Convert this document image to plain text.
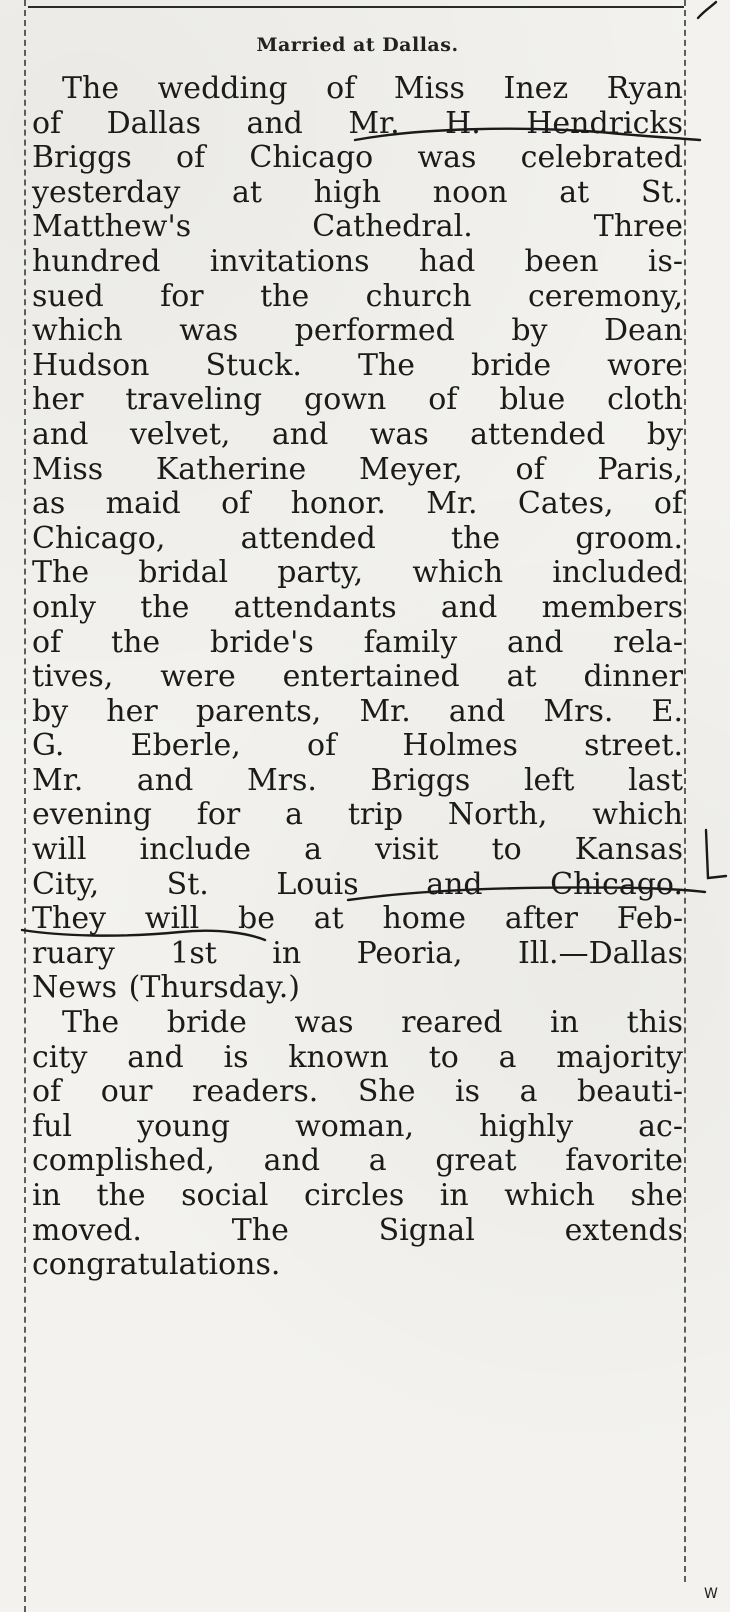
Married at Dallas.

The wedding of Miss Inez Ryan
of Dallas and Mr. H. Hendricks
Briggs of Chicago was celebrated
yesterday at high noon at St.
Matthew's Cathedral. Three
hundred invitations had been is-
sued for the church ceremony,
which was performed by Dean
Hudson Stuck. The bride wore
her traveling gown of blue cloth
and velvet, and was attended by
Miss Katherine Meyer, of Paris,
as maid of honor. Mr. Cates, of
Chicago, attended the groom.
The bridal party, which included
only the attendants and members
of the bride's family and rela-
tives, were entertained at dinner
by her parents, Mr. and Mrs. E.
G. Eberle, of Holmes street.
Mr. and Mrs. Briggs left last
evening for a trip North, which
will include a visit to Kansas
City, St. Louis and Chicago.
They will be at home after Feb-
ruary 1st in Peoria, Ill.—Dallas
News (Thursday.)

The bride was reared in this
city and is known to a majority
of our readers. She is a beauti-
ful young woman, highly ac-
complished, and a great favorite
in the social circles in which she
moved. The Signal extends
congratulations.

W
